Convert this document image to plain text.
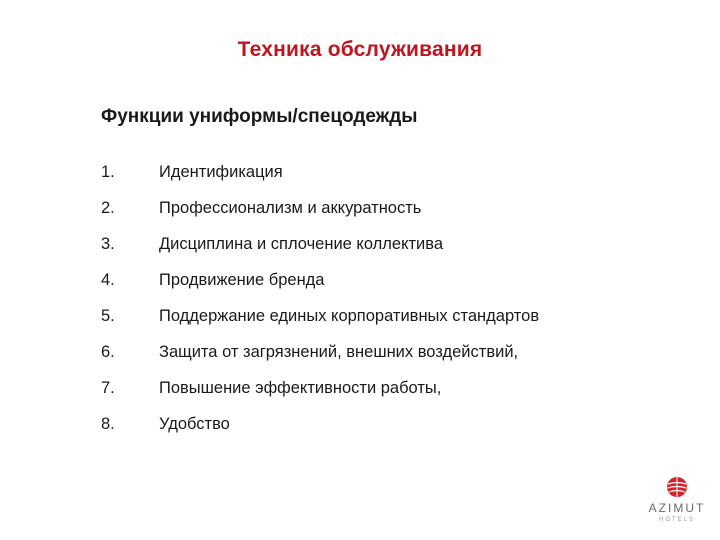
Техника обслуживания
Функции униформы/спецодежды
1.	Идентификация
2.	Профессионализм и аккуратность
3.	Дисциплина и сплочение коллектива
4.	Продвижение бренда
5.	Поддержание единых корпоративных стандартов
6.	Защита от загрязнений, внешних воздействий,
7.	Повышение эффективности работы,
8.	Удобство
AZIMUT
HOTELS
